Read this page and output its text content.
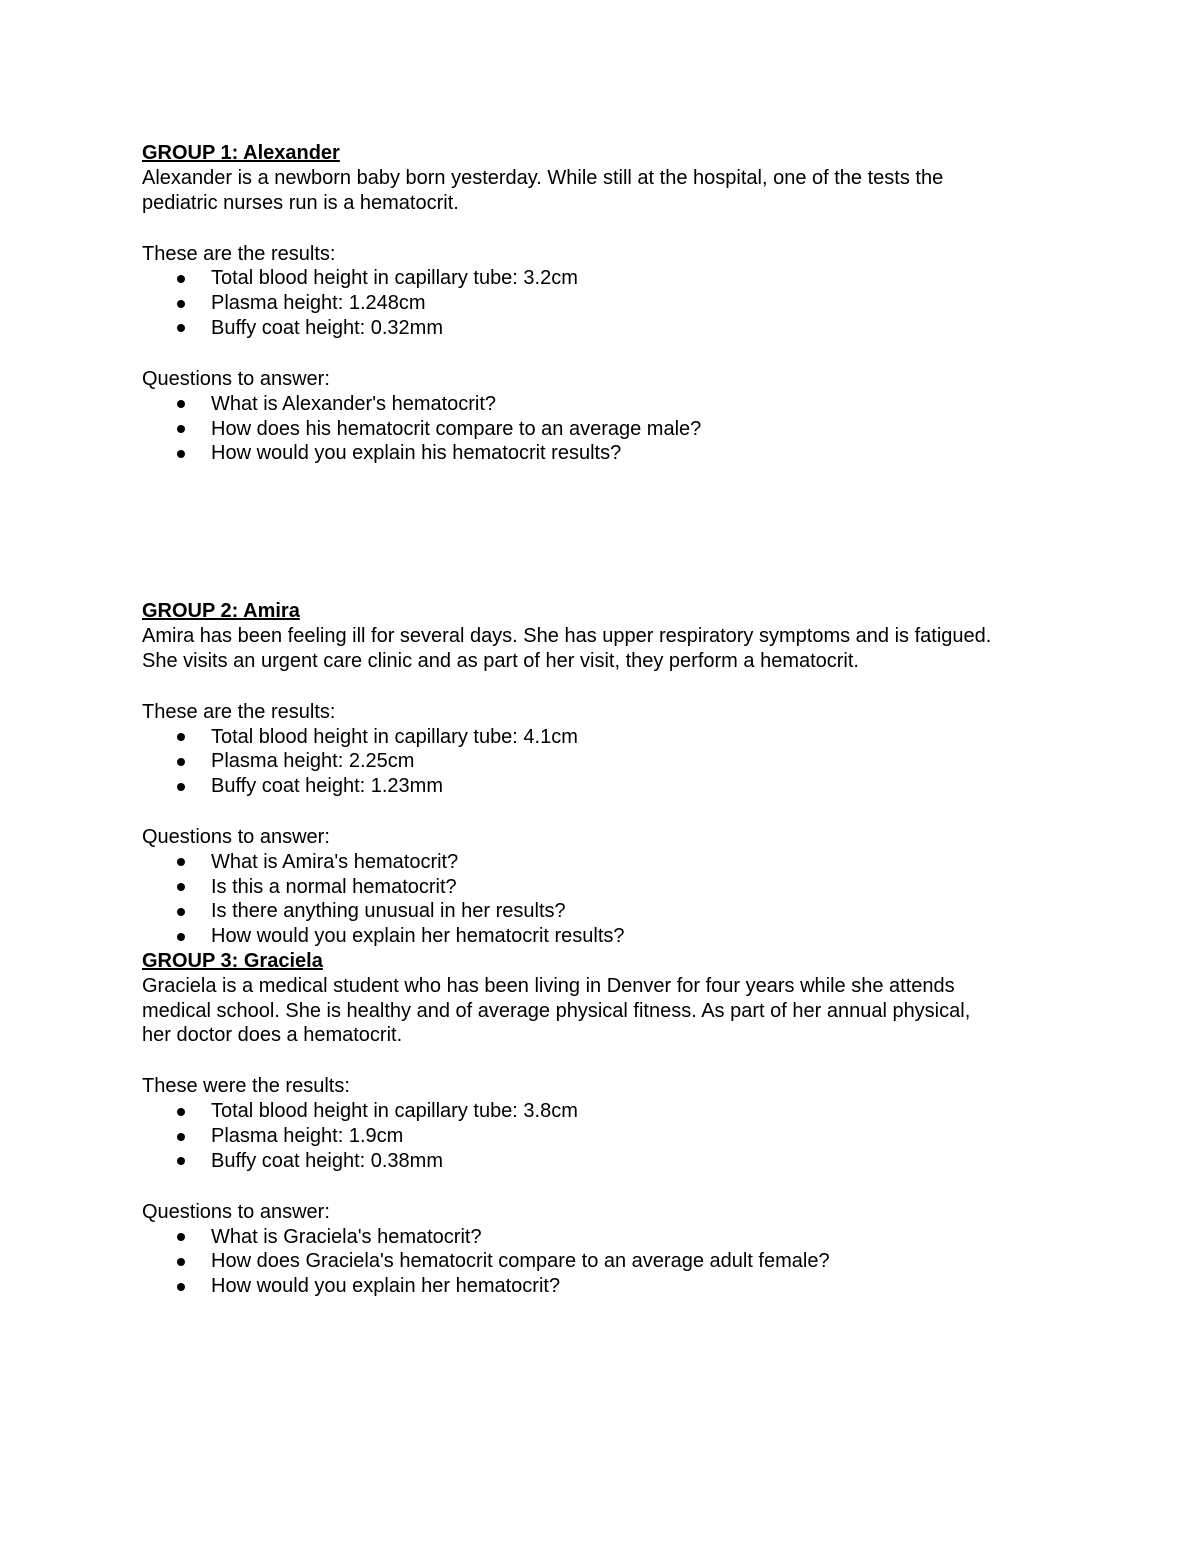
GROUP 1: Alexander

Alexander is a newborn baby born yesterday. While still at the hospital, one of the tests the

pediatric nurses run is a hematocrit.

These are the results:

Total blood height in capillary tube: 3.2cm
Plasma height: 1.248cm
Buffy coat height: 0.32mm

Questions to answer:

What is Alexander's hematocrit?
How does his hematocrit compare to an average male?
How would you explain his hematocrit results?

GROUP 2: Amira

Amira has been feeling ill for several days. She has upper respiratory symptoms and is fatigued.

She visits an urgent care clinic and as part of her visit, they perform a hematocrit.

These are the results:

Total blood height in capillary tube: 4.1cm
Plasma height: 2.25cm
Buffy coat height: 1.23mm

Questions to answer:

What is Amira's hematocrit?
Is this a normal hematocrit?
Is there anything unusual in her results?
How would you explain her hematocrit results?

GROUP 3: Graciela

Graciela is a medical student who has been living in Denver for four years while she attends

medical school. She is healthy and of average physical fitness. As part of her annual physical,

her doctor does a hematocrit.

These were the results:

Total blood height in capillary tube: 3.8cm
Plasma height: 1.9cm
Buffy coat height: 0.38mm

Questions to answer:

What is Graciela's hematocrit?
How does Graciela's hematocrit compare to an average adult female?
How would you explain her hematocrit?
